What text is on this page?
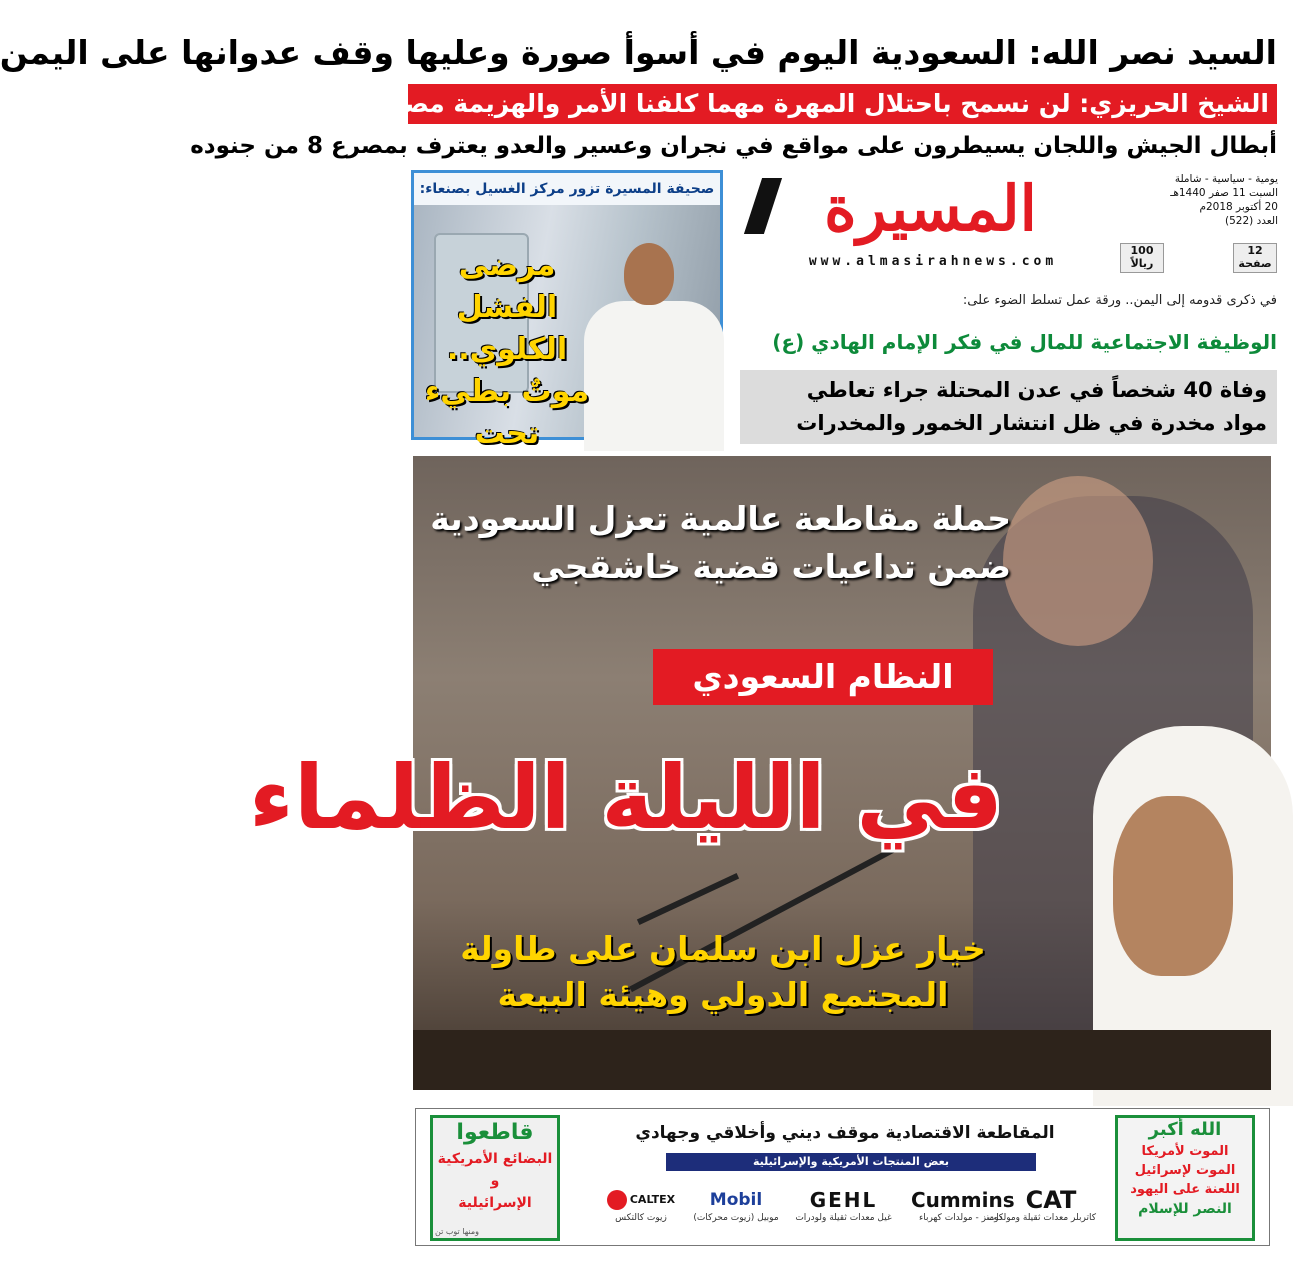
السيد نصر الله: السعودية اليوم في أسوأ صورة وعليها وقف عدوانها على اليمن
الشيخ الحريزي: لن نسمح باحتلال المهرة مهما كلفنا الأمر والهزيمة مصير كل الغزاة
أبطال الجيش واللجان يسيطرون على مواقع في نجران وعسير والعدو يعترف بمصرع 8 من جنوده
صحيفة المسيرة تزور مركز الغسيل بصنعاء:
مرضى الفشل
الكلوي..
موتٌ بطيء
تحت
المسيرة
www.almasirahnews.com
يومية - سياسية - شاملة
السبت 11 صفر 1440هـ
20 أكتوبر 2018م
العدد (522)
12
صفحة
100
ريالاً
في ذكرى قدومه إلى اليمن.. ورقة عمل تسلط الضوء على:
الوظيفة الاجتماعية للمال في فكر الإمام الهادي (ع)
وفاة 40 شخصاً في عدن المحتلة جراء تعاطي
مواد مخدرة في ظل انتشار الخمور والمخدرات
حملة مقاطعة عالمية تعزل السعودية
ضمن تداعيات قضية خاشقجي
النظام السعودي
في الليلة الظلماء
خيار عزل ابن سلمان على طاولة
المجتمع الدولي وهيئة البيعة
قاطعوا
البضائع الأمريكية
و
الإسرائيلية
ومنها توب تن
المقاطعة الاقتصادية موقف ديني وأخلاقي وجهادي
بعض المنتجات الأمريكية والإسرائيلية
CALTEX
زيوت كالتكس
Mobil
موبيل (زيوت محركات)
GEHL
غيل معدات ثقيلة ولودرات
Cummins
كومنز - مولدات كهرباء
CAT
كاتربلر معدات ثقيلة ومولدات
الله أكبر
الموت لأمريكا
الموت لإسرائيل
اللعنة على اليهود
النصر للإسلام
